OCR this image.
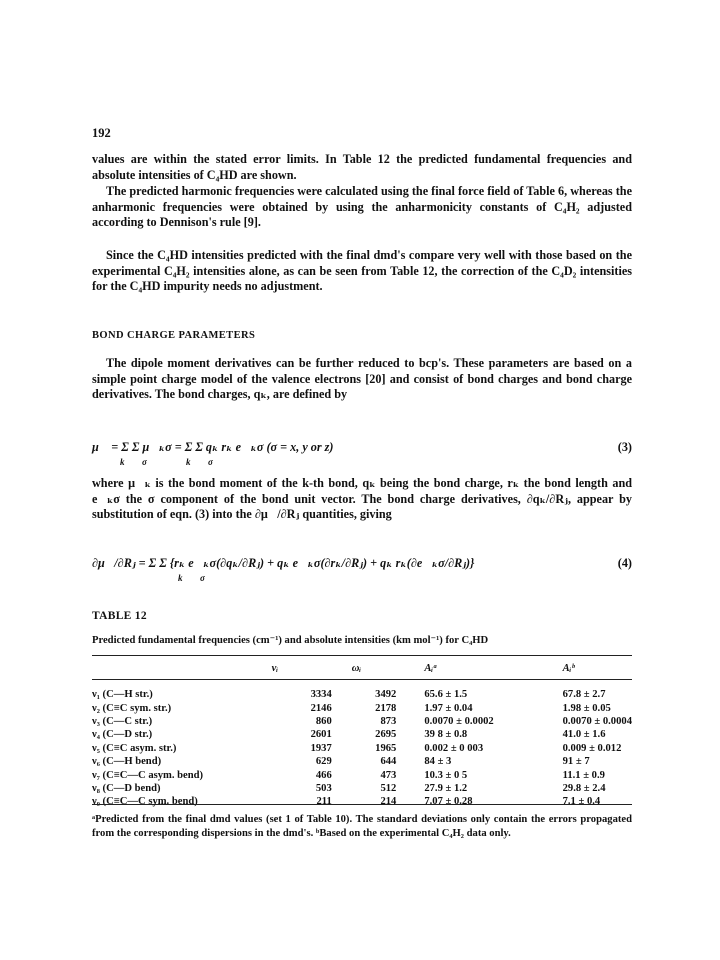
192

values are within the stated error limits. In Table 12 the predicted fundamental frequencies and absolute intensities of C₄HD are shown.

The predicted harmonic frequencies were calculated using the final force field of Table 6, whereas the anharmonic frequencies were obtained by using the anharmonicity constants of C₄H₂ adjusted according to Dennison's rule [9].

Since the C₄HD intensities predicted with the final dmd's compare very well with those based on the experimental C₄H₂ intensities alone, as can be seen from Table 12, the correction of the C₄D₂ intensities for the C₄HD impurity needs no adjustment.

BOND CHARGE PARAMETERS

The dipole moment derivatives can be further reduced to bcp's. These parameters are based on a simple point charge model of the valence electrons [20] and consist of bond charges and bond charge derivatives. The bond charges, qₖ, are defined by

μ⃗ = Σ Σ μ⃗ₖσ = Σ Σ qₖ rₖ e⃗ₖσ (σ = x, y or z)
k σ	k σ
(3)

where μ⃗ₖ is the bond moment of the k-th bond, qₖ being the bond charge, rₖ the bond length and e⃗ₖσ the σ component of the bond unit vector. The bond charge derivatives, ∂qₖ/∂Rⱼ, appear by substitution of eqn. (3) into the ∂μ⃗/∂Rⱼ quantities, giving

∂μ⃗/∂Rⱼ = Σ Σ {rₖ e⃗ₖσ(∂qₖ/∂Rⱼ) + qₖ e⃗ₖσ(∂rₖ/∂Rⱼ) + qₖ rₖ(∂e⃗ₖσ/∂Rⱼ)}
k σ
(4)
TABLE 12
Predicted fundamental frequencies (cm⁻¹) and absolute intensities (km mol⁻¹) for C₄HD
	νᵢ	ωᵢ	Aᵢᵃ	Aᵢᵇ

ν₁ (C—H str.)	3334	3492	65.6 ± 1.5	67.8 ± 2.7
ν₂ (C≡C sym. str.)	2146	2178	1.97 ± 0.04	1.98 ± 0.05
ν₃ (C—C str.)	860	873	0.0070 ± 0.0002	0.0070 ± 0.0004
ν₄ (C—D str.)	2601	2695	39 8 ± 0.8	41.0 ± 1.6
ν₅ (C≡C asym. str.)	1937	1965	0.002 ± 0 003	0.009 ± 0.012
ν₆ (C—H bend)	629	644	84 ± 3	91 ± 7
ν₇ (C≡C—C asym. bend)	466	473	10.3 ± 0 5	11.1 ± 0.9
ν₈ (C—D bend)	503	512	27.9 ± 1.2	29.8 ± 2.4
ν₉ (C≡C—C sym. bend)	211	214	7.07 ± 0.28	7.1 ± 0.4
ᵃPredicted from the final dmd values (set 1 of Table 10). The standard deviations only contain the errors propagated from the corresponding dispersions in the dmd's. ᵇBased on the experimental C₄H₂ data only.
